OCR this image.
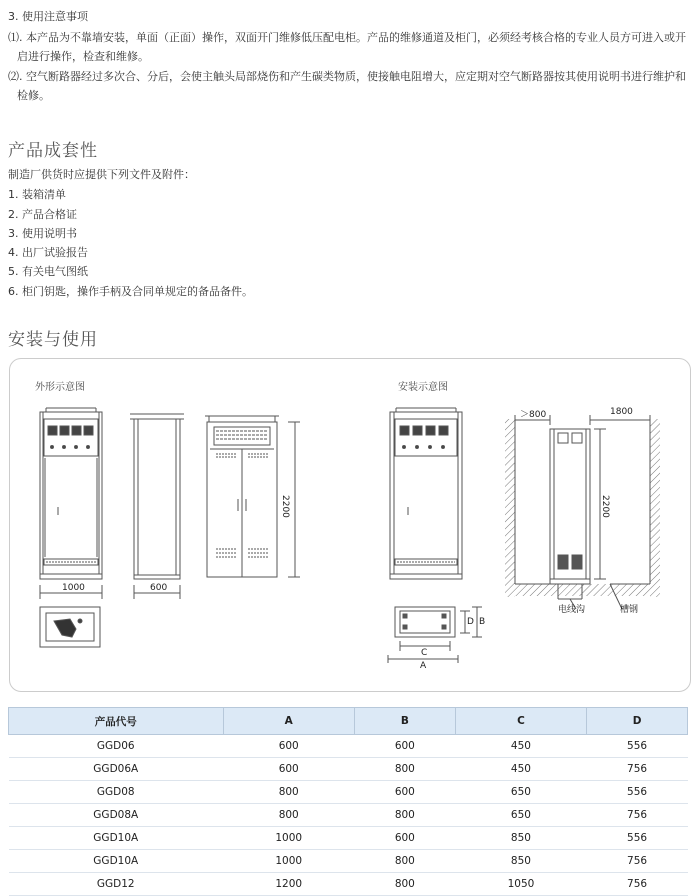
3. 使用注意事项
⑴. 本产品为不靠墙安装，单面（正面）操作，双面开门维修低压配电柜。产品的维修通道及柜门，必须经考核合格的专业人员方可进入或开
启进行操作，检查和维修。
⑵. 空气断路器经过多次合、分后，会使主触头局部烧伤和产生碳类物质，使接触电阻增大，应定期对空气断路器按其使用说明书进行维护和
检修。
产品成套性
制造厂供货时应提供下列文件及附件：
1. 装箱清单
2. 产品合格证
3. 使用说明书
4. 出厂试验报告
5. 有关电气图纸
6. 柜门钥匙，操作手柄及合同单规定的备品备件。
安装与使用
外形示意图	安装示意图
1000	600
2200
＞800	1800
2200
电线沟	槽钢
C
A
D B
产品代号	A	B	C	D
GGD06	600	600	450	556
GGD06A	600	800	450	756
GGD08	800	600	650	556
GGD08A	800	800	650	756
GGD10A	1000	600	850	556
GGD10A	1000	800	850	756
GGD12	1200	800	1050	756
